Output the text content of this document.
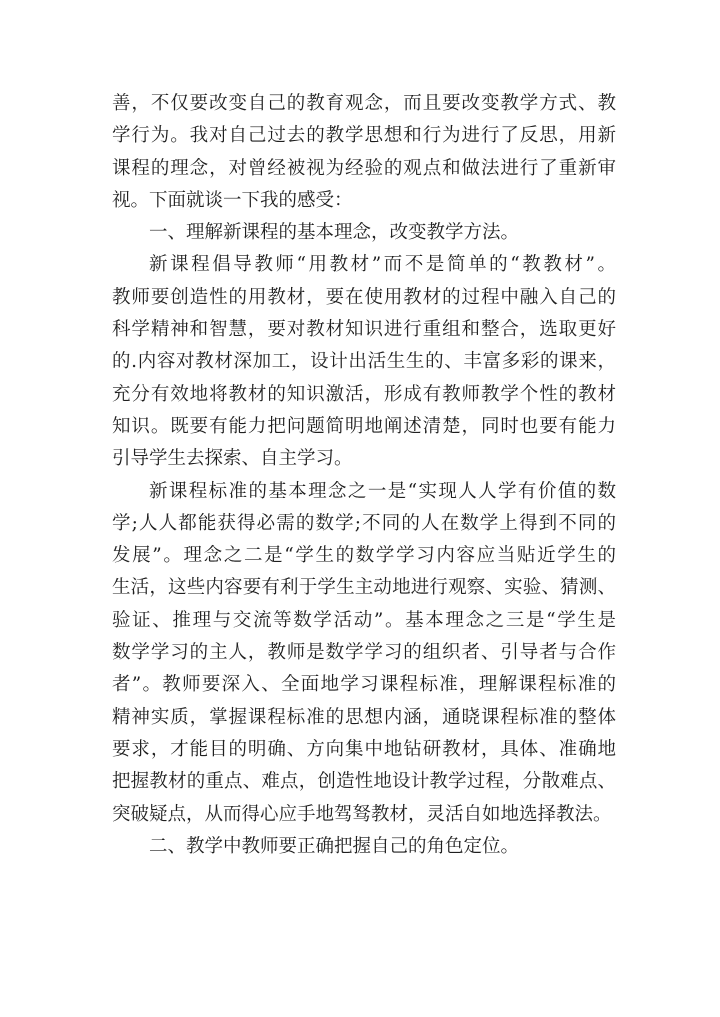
善，不仅要改变自己的教育观念，而且要改变教学方式、教
学行为。我对自己过去的教学思想和行为进行了反思，用新
课程的理念，对曾经被视为经验的观点和做法进行了重新审
视。下面就谈一下我的感受：
一、理解新课程的基本理念，改变教学方法。
新课程倡导教师“用教材”而不是简单的“教教材”。
教师要创造性的用教材，要在使用教材的过程中融入自己的
科学精神和智慧，要对教材知识进行重组和整合，选取更好
的.内容对教材深加工，设计出活生生的、丰富多彩的课来，
充分有效地将教材的知识激活，形成有教师教学个性的教材
知识。既要有能力把问题简明地阐述清楚，同时也要有能力
引导学生去探索、自主学习。
新课程标准的基本理念之一是“实现人人学有价值的数
学;人人都能获得必需的数学;不同的人在数学上得到不同的
发展”。理念之二是“学生的数学学习内容应当贴近学生的
生活，这些内容要有利于学生主动地进行观察、实验、猜测、
验证、推理与交流等数学活动”。基本理念之三是“学生是
数学学习的主人，教师是数学学习的组织者、引导者与合作
者”。教师要深入、全面地学习课程标准，理解课程标准的
精神实质，掌握课程标准的思想内涵，通晓课程标准的整体
要求，才能目的明确、方向集中地钻研教材，具体、准确地
把握教材的重点、难点，创造性地设计教学过程，分散难点、
突破疑点，从而得心应手地驾驽教材，灵活自如地选择教法。
二、教学中教师要正确把握自己的角色定位。
